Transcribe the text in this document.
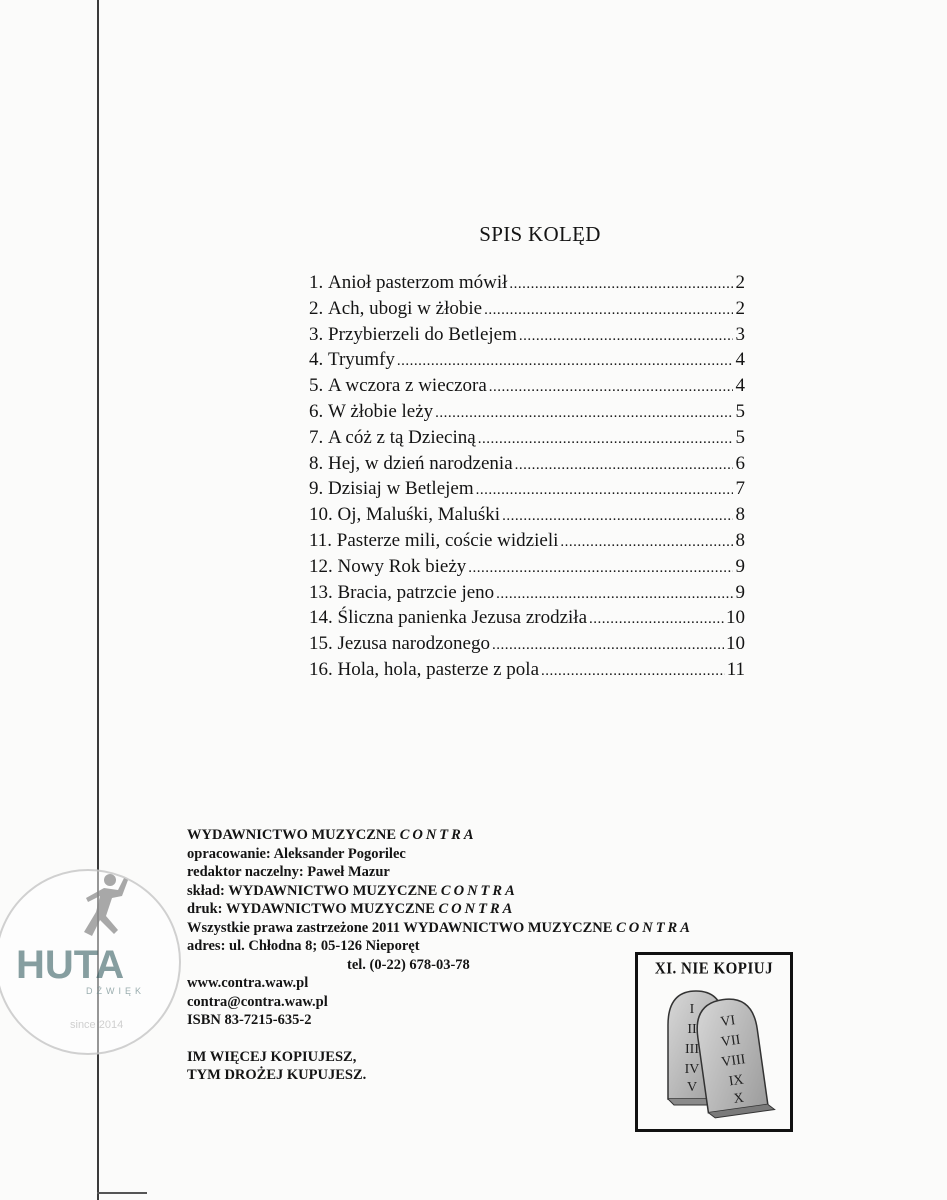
SPIS KOLĘD
1. Anioł pasterzom mówił .....	2
2. Ach, ubogi w żłobie .....	2
3. Przybierzeli do Betlejem .....	3
4. Tryumfy .....	4
5. A wczora z wieczora .....	4
6. W żłobie leży .....	5
7. A cóż z tą Dzieciną .....	5
8. Hej, w dzień narodzenia .....	6
9. Dzisiaj w Betlejem .....	7
10. Oj, Maluśki, Maluśki .....	8
11. Pasterze mili, coście widzieli .....	8
12. Nowy Rok bieży .....	9
13. Bracia, patrzcie jeno .....	9
14. Śliczna panienka Jezusa zrodziła .....	10
15. Jezusa narodzonego .....	10
16. Hola, hola, pasterze z pola .....	11
HUTA
DŹWIĘK
since 2014
WYDAWNICTWO MUZYCZNE CONTRA
opracowanie: Aleksander Pogorilec
redaktor naczelny: Paweł Mazur
skład: WYDAWNICTWO MUZYCZNE CONTRA
druk: WYDAWNICTWO MUZYCZNE CONTRA
Wszystkie prawa zastrzeżone 2011 WYDAWNICTWO MUZYCZNE CONTRA
adres: ul. Chłodna 8; 05-126 Nieporęt
tel. (0-22) 678-03-78
www.contra.waw.pl
contra@contra.waw.pl
ISBN 83-7215-635-2
IM WIĘCEJ KOPIUJESZ,
TYM DROŻEJ KUPUJESZ.
XI. NIE KOPIUJ
I
II
III
IV
V
VI
VII
VIII
IX
X
